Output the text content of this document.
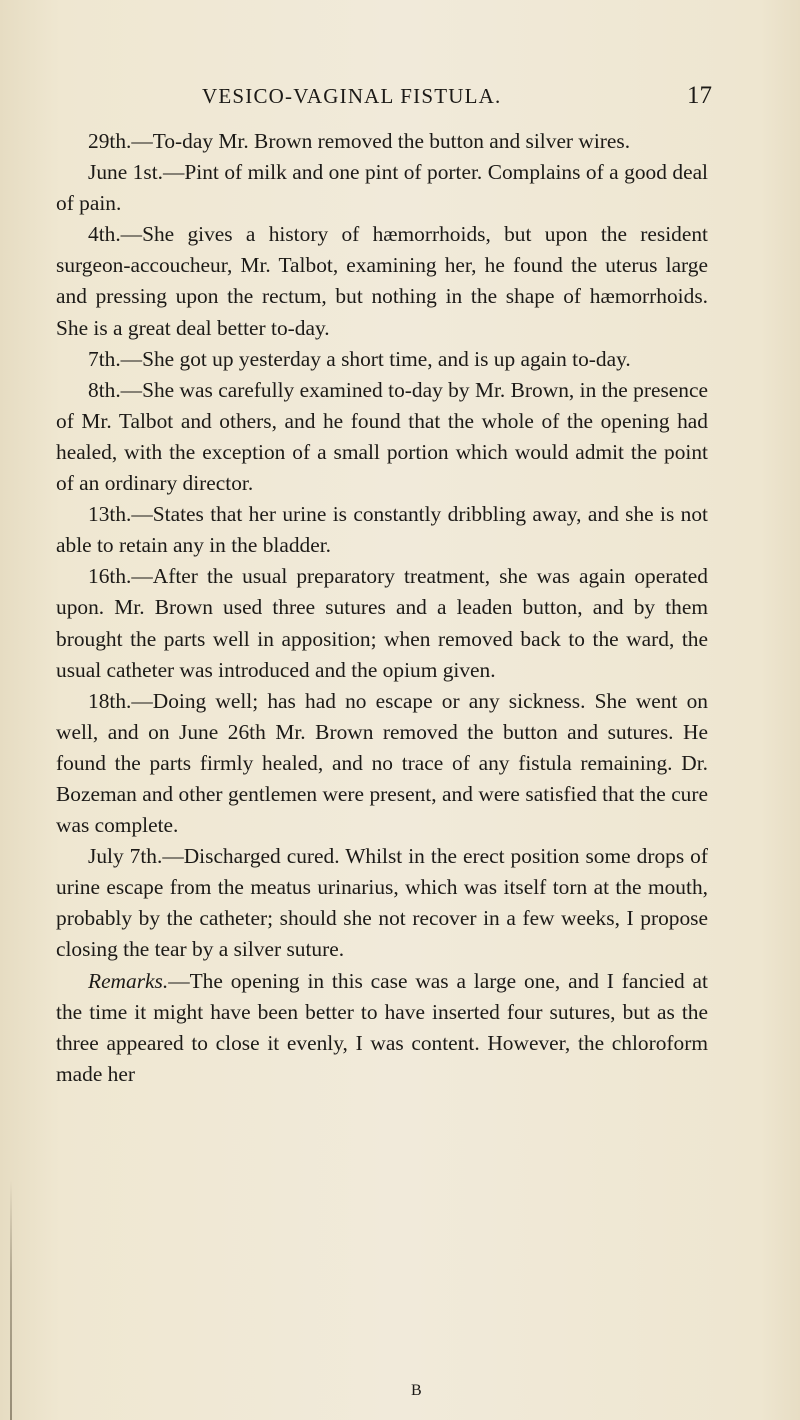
VESICO-VAGINAL FISTULA.	17

29th.—To-day Mr. Brown removed the button and silver wires.

June 1st.—Pint of milk and one pint of porter. Complains of a good deal of pain.

4th.—She gives a history of hæmorrhoids, but upon the resident surgeon-accoucheur, Mr. Talbot, examining her, he found the uterus large and pressing upon the rectum, but nothing in the shape of hæmorrhoids. She is a great deal better to-day.

7th.—She got up yesterday a short time, and is up again to-day.

8th.—She was carefully examined to-day by Mr. Brown, in the presence of Mr. Talbot and others, and he found that the whole of the opening had healed, with the exception of a small portion which would admit the point of an ordinary director.

13th.—States that her urine is constantly dribbling away, and she is not able to retain any in the bladder.

16th.—After the usual preparatory treatment, she was again operated upon. Mr. Brown used three sutures and a leaden button, and by them brought the parts well in apposition; when removed back to the ward, the usual catheter was introduced and the opium given.

18th.—Doing well; has had no escape or any sickness. She went on well, and on June 26th Mr. Brown removed the button and sutures. He found the parts firmly healed, and no trace of any fistula remaining. Dr. Bozeman and other gentlemen were present, and were satisfied that the cure was complete.

July 7th.—Discharged cured. Whilst in the erect position some drops of urine escape from the meatus urinarius, which was itself torn at the mouth, probably by the catheter; should she not recover in a few weeks, I propose closing the tear by a silver suture.

Remarks.—The opening in this case was a large one, and I fancied at the time it might have been better to have inserted four sutures, but as the three appeared to close it evenly, I was content. However, the chloroform made her

B
